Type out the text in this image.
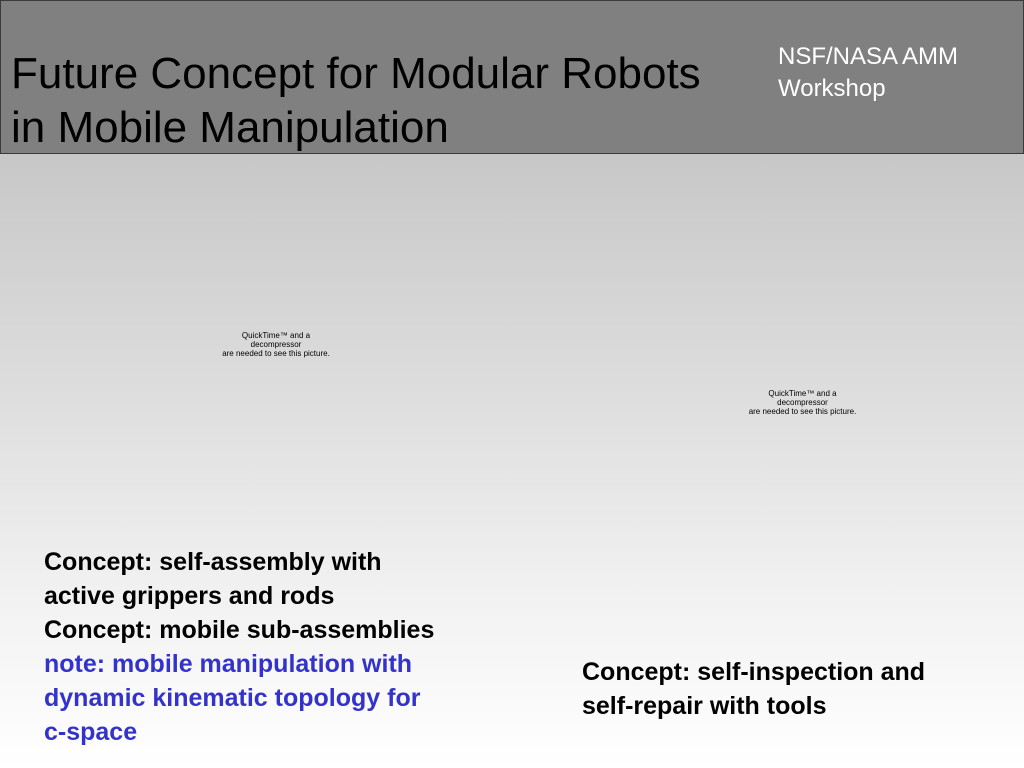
Future Concept for Modular Robots
in Mobile Manipulation
NSF/NASA AMM
Workshop
QuickTime™ and a
decompressor
are needed to see this picture.
QuickTime™ and a
decompressor
are needed to see this picture.
Concept: self-assembly with
active grippers and rods
Concept: mobile sub-assemblies
note: mobile manipulation with
dynamic kinematic topology for
c-space
Concept: self-inspection and
self-repair with tools
